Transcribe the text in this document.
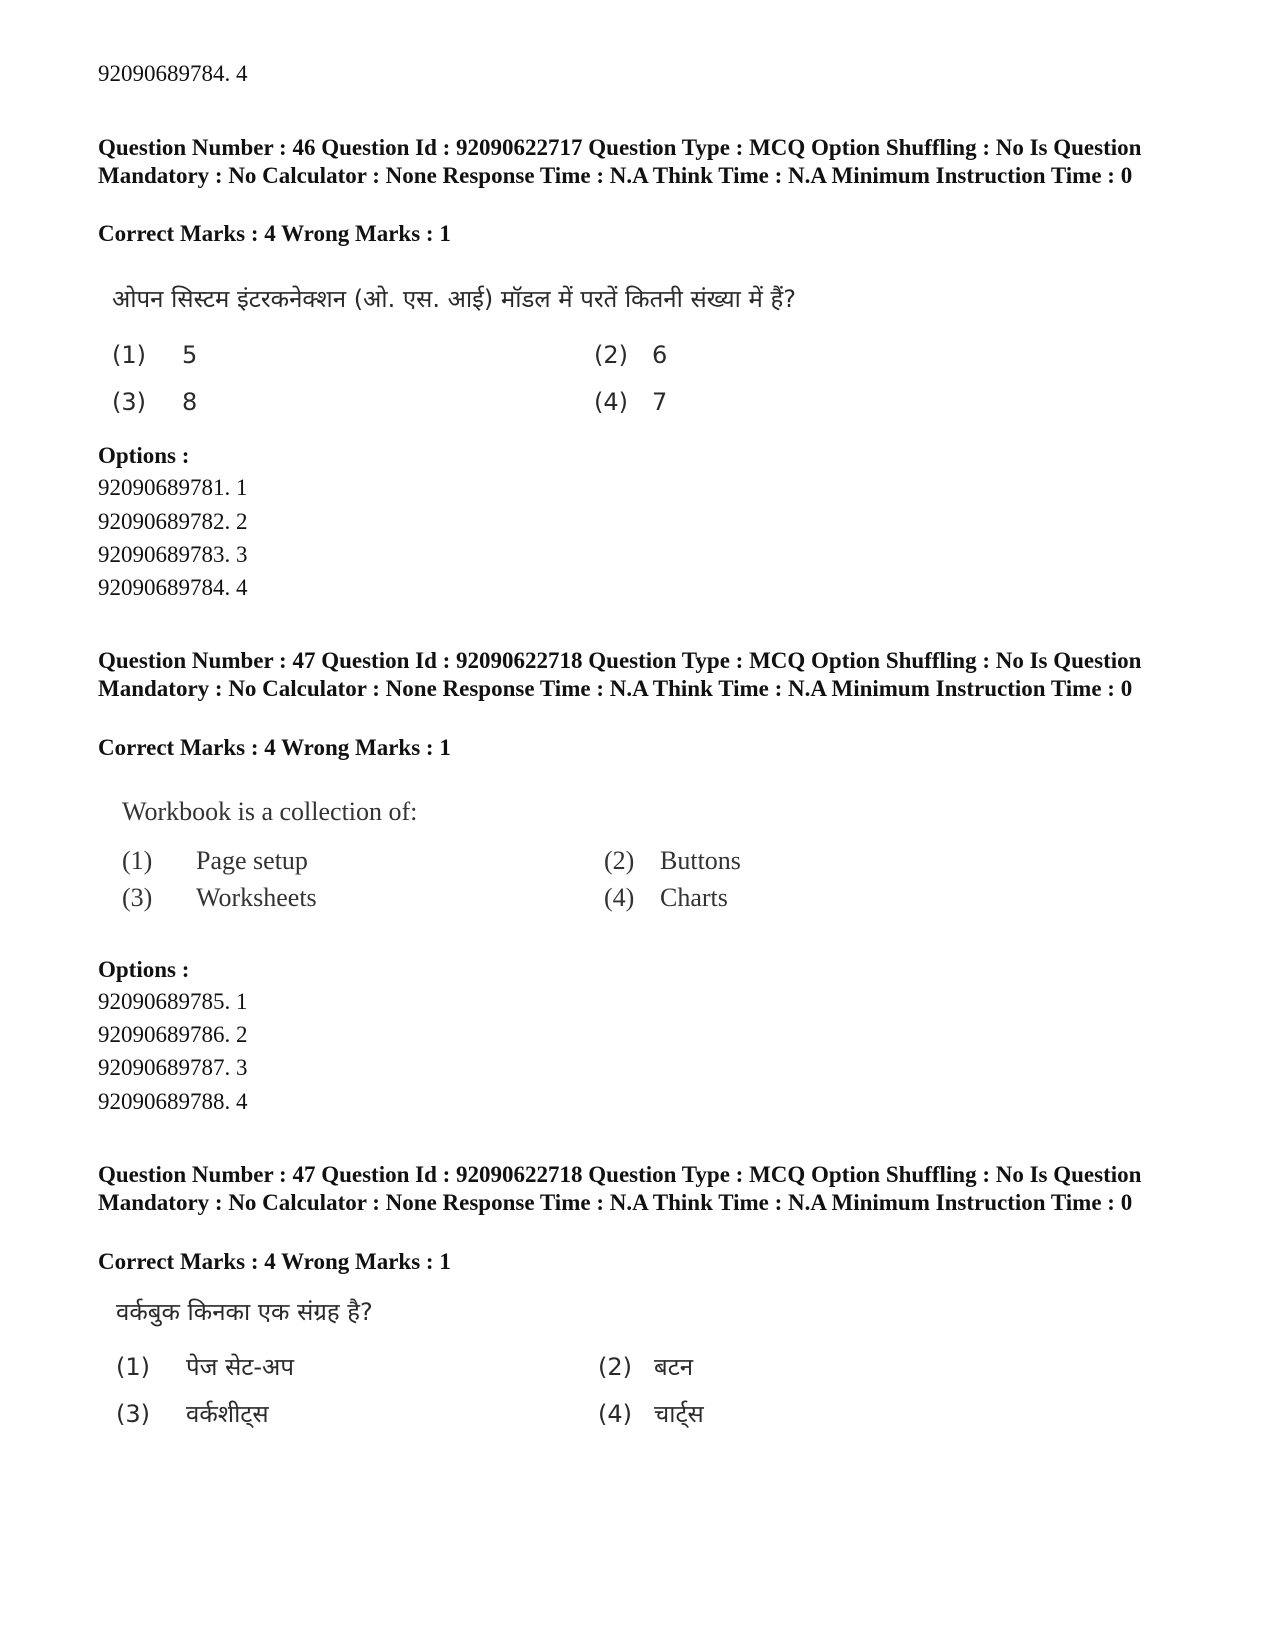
92090689784. 4
Question Number : 46 Question Id : 92090622717 Question Type : MCQ Option Shuffling : No Is Question Mandatory : No Calculator : None Response Time : N.A Think Time : N.A Minimum Instruction Time : 0
Correct Marks : 4 Wrong Marks : 1
ओपन सिस्टम इंटरकनेक्शन (ओ. एस. आई) मॉडल में परतें कितनी संख्या में हैं?
(1) 5	(2) 6
(3) 8	(4) 7
Options :
92090689781. 1
92090689782. 2
92090689783. 3
92090689784. 4
Question Number : 47 Question Id : 92090622718 Question Type : MCQ Option Shuffling : No Is Question Mandatory : No Calculator : None Response Time : N.A Think Time : N.A Minimum Instruction Time : 0
Correct Marks : 4 Wrong Marks : 1
Workbook is a collection of:
(1) Page setup	(2) Buttons
(3) Worksheets	(4) Charts
Options :
92090689785. 1
92090689786. 2
92090689787. 3
92090689788. 4
Question Number : 47 Question Id : 92090622718 Question Type : MCQ Option Shuffling : No Is Question Mandatory : No Calculator : None Response Time : N.A Think Time : N.A Minimum Instruction Time : 0
Correct Marks : 4 Wrong Marks : 1
वर्कबुक किनका एक संग्रह है?
(1) पेज सेट-अप	(2) बटन
(3) वर्कशीट्स	(4) चार्ट्स
